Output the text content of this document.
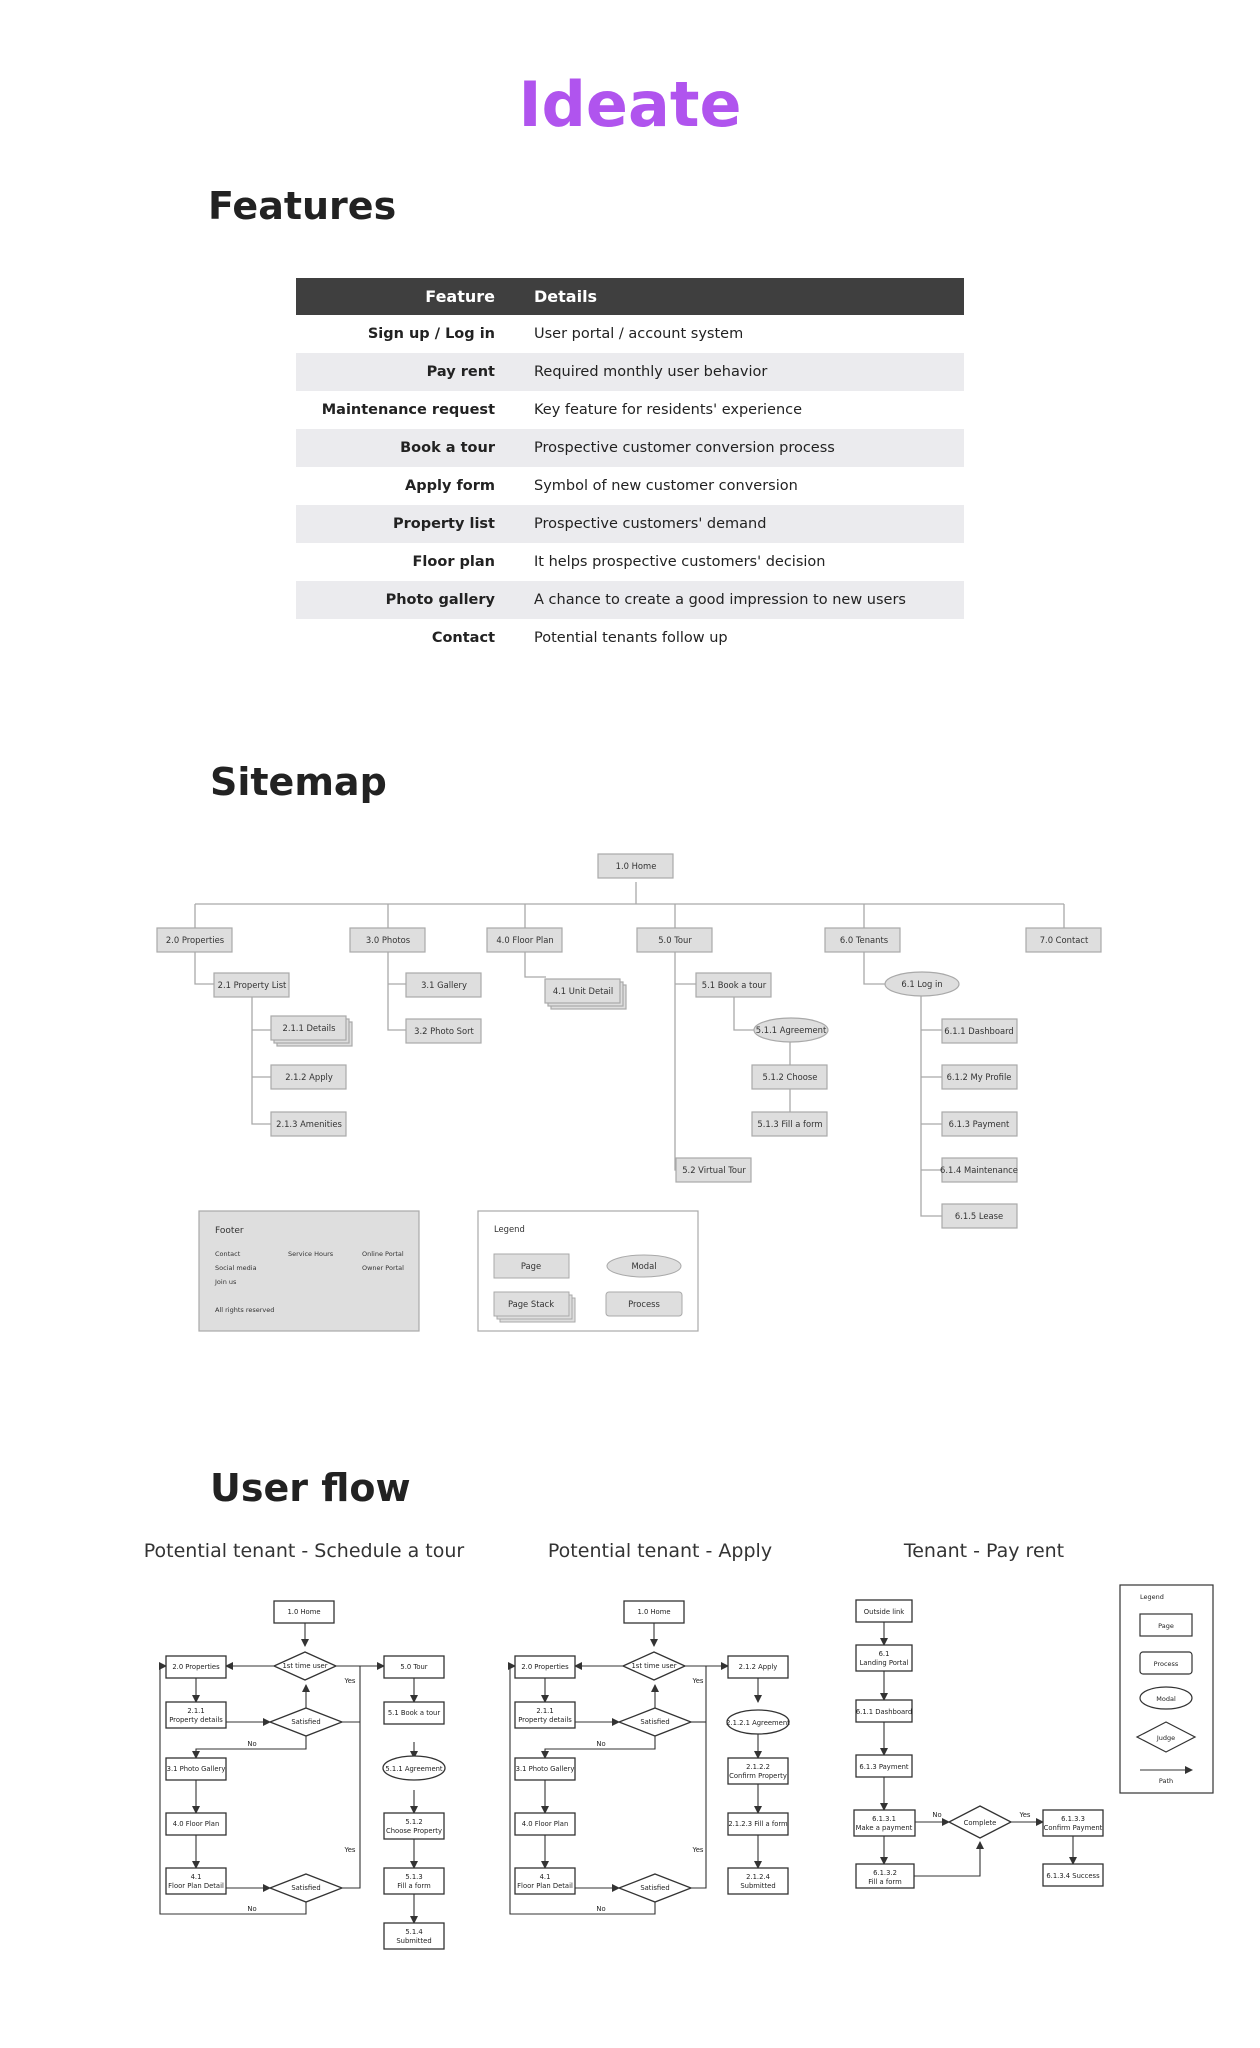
Ideate
Features
Feature	Details
Sign up / Log in	User portal / account system
Pay rent	Required monthly user behavior
Maintenance request	Key feature for residents' experience
Book a tour	Prospective customer conversion process
Apply form	Symbol of new customer conversion
Property list	Prospective customers' demand
Floor plan	It helps prospective customers' decision
Photo gallery	A chance to create a good impression to new users
Contact	Potential tenants follow up
Sitemap
1.0 Home
2.0 Properties
2.1 Property List
2.1.1 Details
2.1.2 Apply
2.1.3 Amenities
3.0 Photos
3.1 Gallery
3.2 Photo Sort
4.0 Floor Plan
4.1 Unit Detail
5.0 Tour
5.1 Book a tour
5.1.1 Agreement
5.1.2 Choose
5.1.3 Fill a form
5.2 Virtual Tour
6.0 Tenants
6.1 Log in
6.1.1 Dashboard
6.1.2 My Profile
6.1.3 Payment
6.1.4 Maintenance
6.1.5 Lease
7.0 Contact
Footer
Contact
Social media
Join us
Service Hours	Online Portal
Owner Portal
All rights reserved
Legend
Page	Modal
Page Stack	Process
User flow
Potential tenant - Schedule a tour	Potential tenant - Apply	Tenant - Pay rent
1.0 Home
1st time user
2.0 Properties
2.1.1
Property details	Satisfied
3.1 Photo Gallery
4.0 Floor Plan
4.1
Floor Plan Detail	Satisfied
5.0 Tour
5.1 Book a tour
5.1.1 Agreement
5.1.2
Choose Property
5.1.3
Fill a form
5.1.4
Submitted
Yes
No
Yes
No
1.0 Home
1st time user
2.0 Properties
2.1.1
Property details	Satisfied
3.1 Photo Gallery
4.0 Floor Plan
4.1
Floor Plan Detail	Satisfied
2.1.2 Apply
2.1.2.1 Agreement
2.1.2.2
Confirm Property
2.1.2.3 Fill a form
2.1.2.4
Submitted
Yes
No
Yes
No
Outside link
6.1
Landing Portal
6.1.1 Dashboard
6.1.3 Payment
6.1.3.1
Make a payment
Complete	6.1.3.3
Confirm Payment
6.1.3.2
Fill a form
6.1.3.4 Success
Yes
No
Legend
Page
Process
Modal
Judge
Path
